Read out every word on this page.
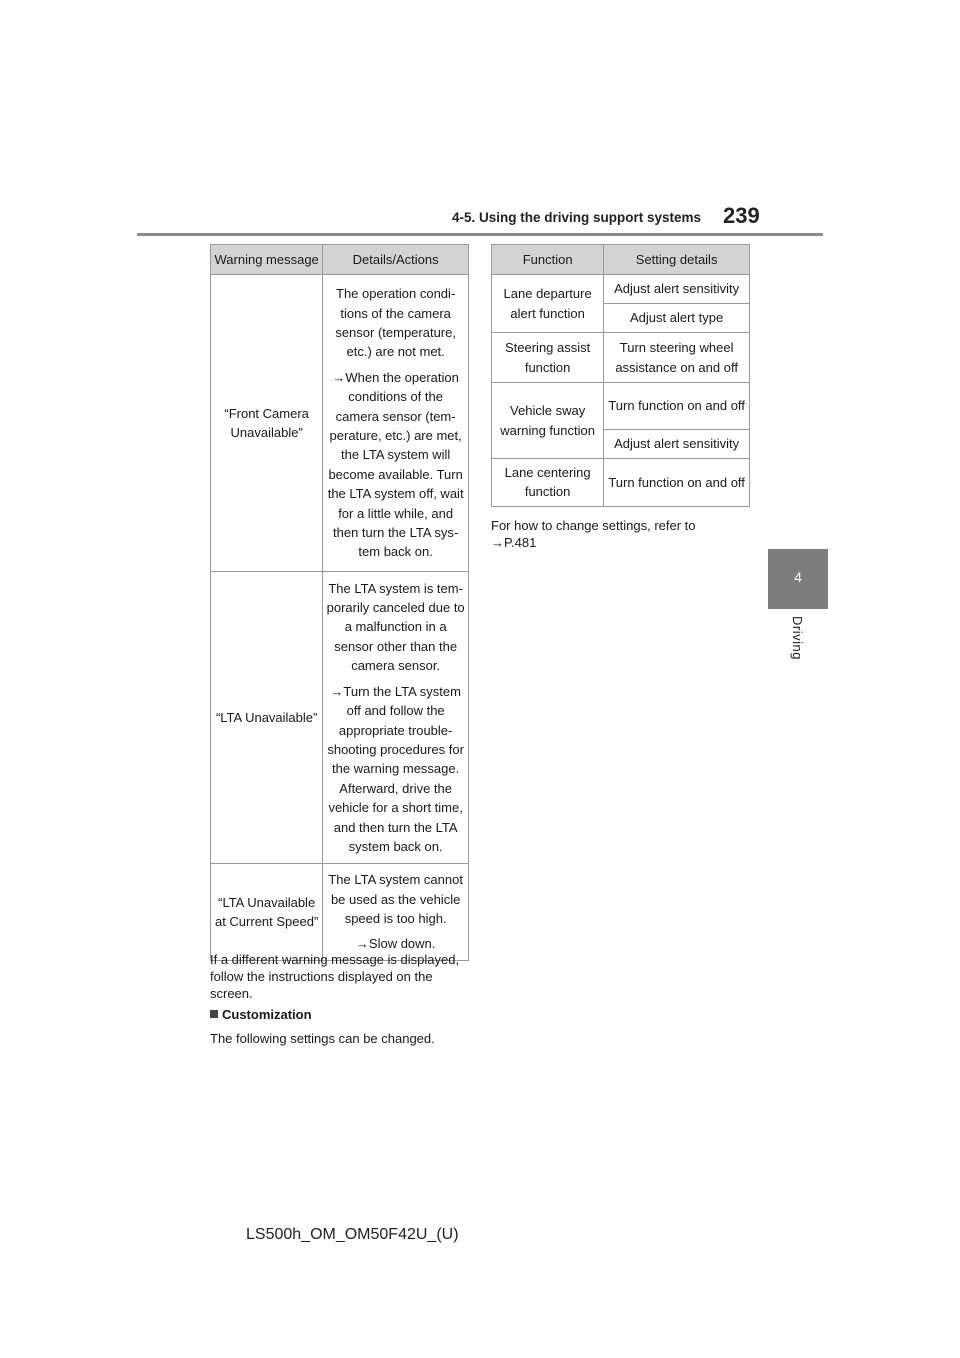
4-5. Using the driving support systems 239
4
Driving
Warning message	Details/Actions
“Front Camera Unavailable”	The operation conditions of the camera sensor (temperature, etc.) are not met.

→When the operation conditions of the camera sensor (temperature, etc.) are met, the LTA system will become available. Turn the LTA system off, wait for a little while, and then turn the LTA system back on.

“LTA Unavailable”	The LTA system is temporarily canceled due to a malfunction in a sensor other than the camera sensor.

→Turn the LTA system off and follow the appropriate troubleshooting procedures for the warning message. Afterward, drive the vehicle for a short time, and then turn the LTA system back on.

“LTA Unavailable at Current Speed”	The LTA system cannot be used as the vehicle speed is too high.

→Slow down.

If a different warning message is displayed, follow the instructions displayed on the screen.

Customization

The following settings can be changed.

Function	Setting details
Lane departure alert function	Adjust alert sensitivity
	Adjust alert type
Steering assist function	Turn steering wheel assistance on and off
Vehicle sway warning function	Turn function on and off
	Adjust alert sensitivity
Lane centering function	Turn function on and off

For how to change settings, refer to

→P.481

LS500h_OM_OM50F42U_(U)
